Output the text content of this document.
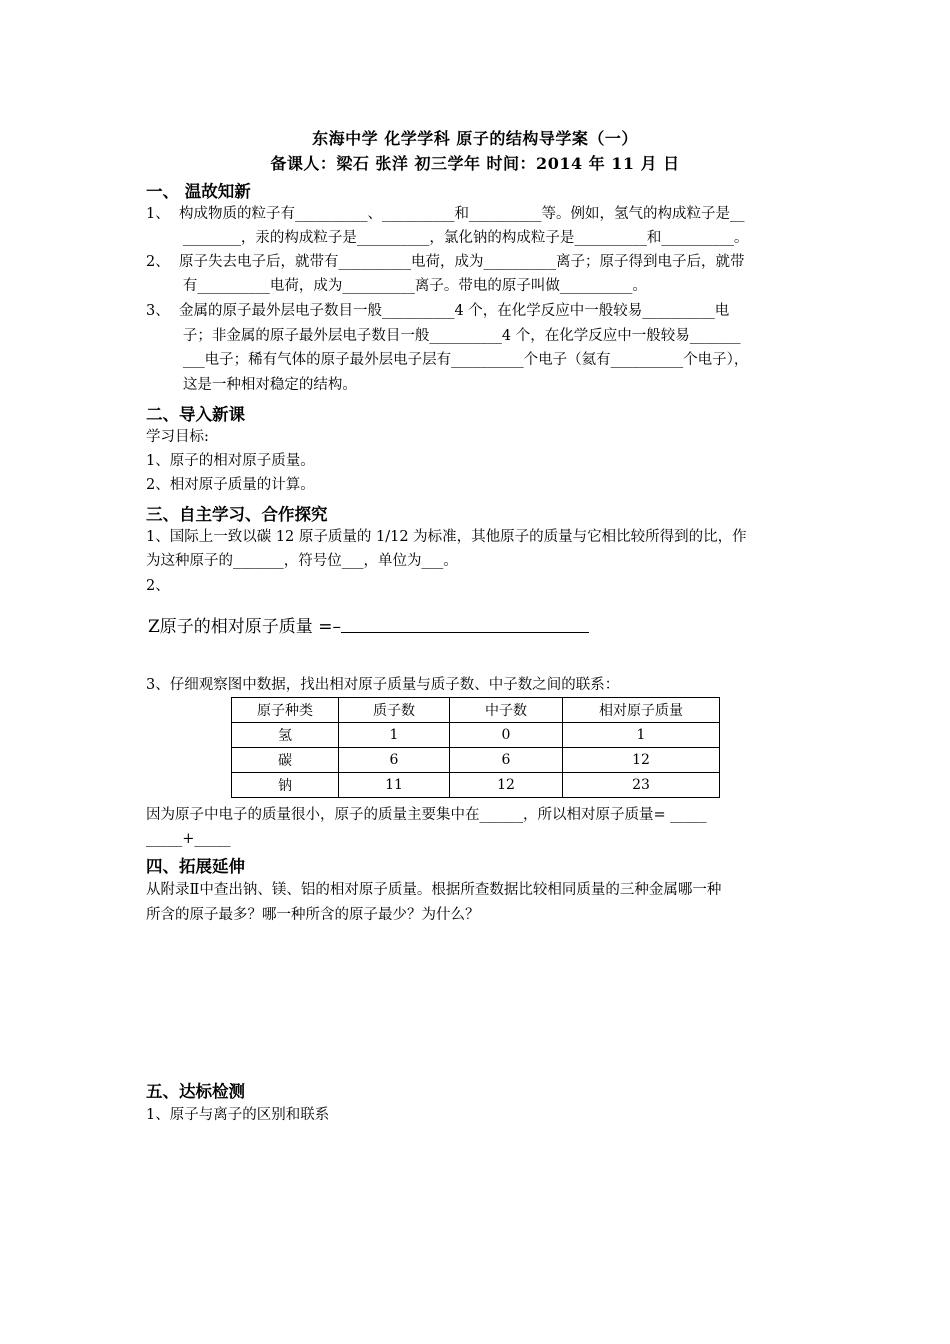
东海中学 化学学科 原子的结构导学案（一）
备课人：梁石 张洋 初三学年 时间：2014 年 11 月 日
一、 温故知新
1、  构成物质的粒子有__________、__________和__________等。例如，氢气的构成粒子是__
________，汞的构成粒子是__________，氯化钠的构成粒子是__________和__________。
2、  原子失去电子后，就带有__________电荷，成为__________离子；原子得到电子后，就带
有__________电荷，成为__________离子。带电的原子叫做__________。
3、  金属的原子最外层电子数目一般__________4 个，在化学反应中一般较易__________电
子；非金属的原子最外层电子数目一般__________4 个，在化学反应中一般较易_______
___电子；稀有气体的原子最外层电子层有__________个电子（氦有__________个电子），
这是一种相对稳定的结构。
二、导入新课
学习目标:
1、原子的相对原子质量。
2、相对原子质量的计算。
三、自主学习、合作探究
1、国际上一致以碳 12 原子质量的 1/12 为标准，其他原子的质量与它相比较所得到的比，作
为这种原子的_______，符号位___，单位为___。
2、
Z原子的相对原子质量 =–
3、仔细观察图中数据，找出相对原子质量与质子数、中子数之间的联系：
原子种类	质子数	中子数	相对原子质量
氢	1	0	1
碳	6	6	12
钠	11	12	23
因为原子中电子的质量很小，原子的质量主要集中在______，所以相对原子质量= _____
_____+_____
四、拓展延伸
从附录Ⅱ中查出钠、镁、铝的相对原子质量。根据所查数据比较相同质量的三种金属哪一种
所含的原子最多？哪一种所含的原子最少？为什么？
五、达标检测
1、原子与离子的区别和联系
